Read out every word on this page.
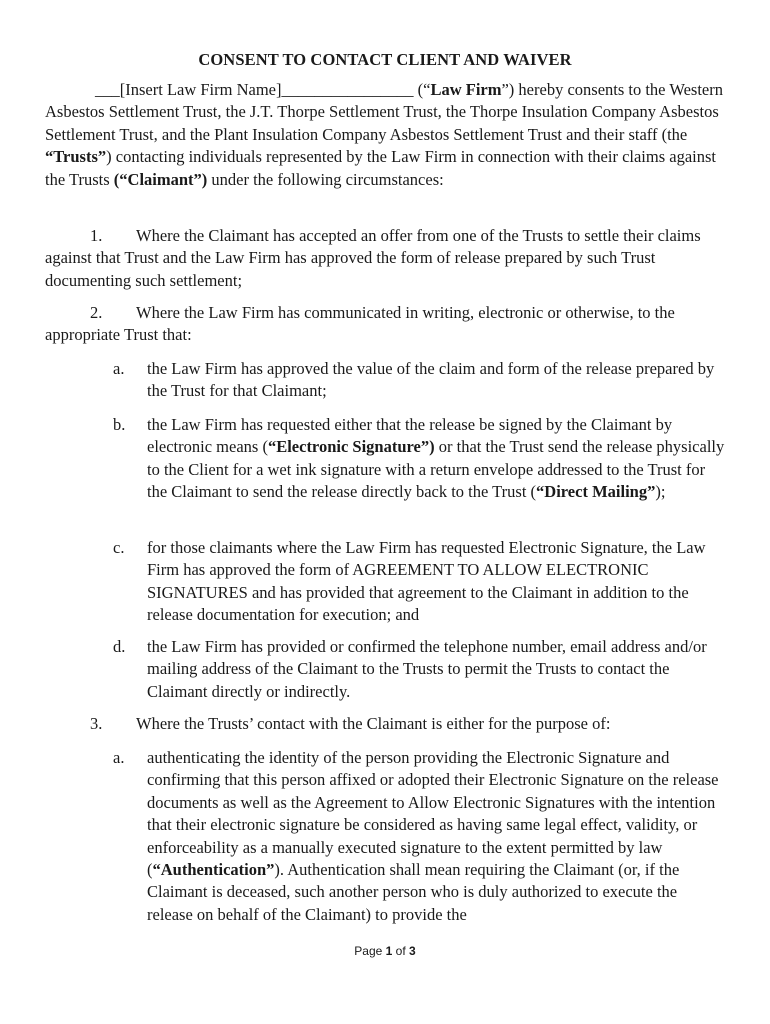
CONSENT TO CONTACT CLIENT AND WAIVER
___[Insert Law Firm Name]________________ (“Law Firm”) hereby consents to the Western Asbestos Settlement Trust, the J.T. Thorpe Settlement Trust, the Thorpe Insulation Company Asbestos Settlement Trust, and the Plant Insulation Company Asbestos Settlement Trust and their staff (the “Trusts”) contacting individuals represented by the Law Firm in connection with their claims against the Trusts (“Claimant”) under the following circumstances:
Where the Claimant has accepted an offer from one of the Trusts to settle their claims against that Trust and the Law Firm has approved the form of release prepared by such Trust documenting such settlement;
1.
Where the Law Firm has communicated in writing, electronic or otherwise, to the appropriate Trust that:
2.
a. the Law Firm has approved the value of the claim and form of the release prepared by the Trust for that Claimant;
b. the Law Firm has requested either that the release be signed by the Claimant by electronic means (“Electronic Signature”) or that the Trust send the release physically to the Client for a wet ink signature with a return envelope addressed to the Trust for the Claimant to send the release directly back to the Trust (“Direct Mailing”);
c. for those claimants where the Law Firm has requested Electronic Signature, the Law Firm has approved the form of AGREEMENT TO ALLOW ELECTRONIC SIGNATURES and has provided that agreement to the Claimant in addition to the release documentation for execution; and
d. the Law Firm has provided or confirmed the telephone number, email address and/or mailing address of the Claimant to the Trusts to permit the Trusts to contact the Claimant directly or indirectly.
3. Where the Trusts’ contact with the Claimant is either for the purpose of:
a. authenticating the identity of the person providing the Electronic Signature and confirming that this person affixed or adopted their Electronic Signature on the release documents as well as the Agreement to Allow Electronic Signatures with the intention that their electronic signature be considered as having same legal effect, validity, or enforceability as a manually executed signature to the extent permitted by law (“Authentication”). Authentication shall mean requiring the Claimant (or, if the Claimant is deceased, such another person who is duly authorized to execute the release on behalf of the Claimant) to provide the
Page 1 of 3
